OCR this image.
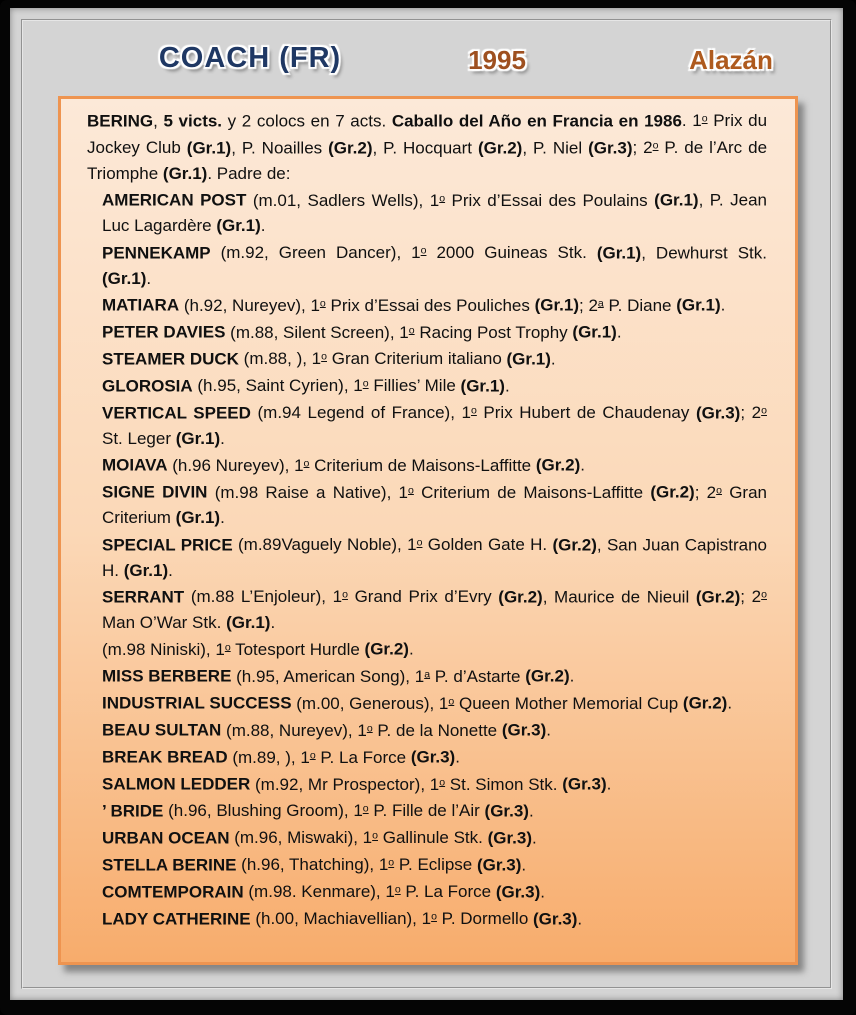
COACH (FR)	1995	Alazán
BERING, 5 victs. y 2 colocs en 7 acts. Caballo del Año en Francia en 1986. 1$^o$ Prix du Jockey Club (Gr.1), P. Noailles (Gr.2), P. Hocquart (Gr.2), P. Niel (Gr.3); 2$^o$ P. de l’Arc de Triomphe (Gr.1). Padre de:
AMERICAN POST (m.01, Sadlers Wells), 1$^o$ Prix d’Essai des Poulains (Gr.1), P. Jean Luc Lagardère (Gr.1).
PENNEKAMP (m.92, Green Dancer), 1$^o$ 2000 Guineas Stk. (Gr.1), Dewhurst Stk. (Gr.1).
MATIARA (h.92, Nureyev), 1$^o$ Prix d’Essai des Pouliches (Gr.1); 2$^a$ P. Diane (Gr.1).
PETER DAVIES (m.88, Silent Screen), 1$^o$ Racing Post Trophy (Gr.1).
STEAMER DUCK (m.88, ), 1$^o$ Gran Criterium italiano (Gr.1).
GLOROSIA (h.95, Saint Cyrien), 1$^o$ Fillies’ Mile (Gr.1).
VERTICAL SPEED (m.94 Legend of France), 1$^o$ Prix Hubert de Chaudenay (Gr.3); 2$^o$ St. Leger (Gr.1).
MOIAVA (h.96 Nureyev), 1$^o$ Criterium de Maisons-Laffitte (Gr.2).
SIGNE DIVIN (m.98 Raise a Native), 1$^o$ Criterium de Maisons-Laffitte (Gr.2); 2$^o$ Gran Criterium (Gr.1).
SPECIAL PRICE (m.89Vaguely Noble), 1$^o$ Golden Gate H. (Gr.2), San Juan Capistrano H. (Gr.1).
SERRANT (m.88 L’Enjoleur), 1$^o$ Grand Prix d’Evry (Gr.2), Maurice de Nieuil (Gr.2); 2$^o$ Man O’War Stk. (Gr.1).
(m.98 Niniski), 1$^o$ Totesport Hurdle (Gr.2).
MISS BERBERE (h.95, American Song), 1$^a$ P. d’Astarte (Gr.2).
INDUSTRIAL SUCCESS (m.00, Generous), 1$^o$ Queen Mother Memorial Cup (Gr.2).
BEAU SULTAN (m.88, Nureyev), 1$^o$ P. de la Nonette (Gr.3).
BREAK BREAD (m.89, ), 1$^o$ P. La Force (Gr.3).
SALMON LEDDER (m.92, Mr Prospector), 1$^o$ St. Simon Stk. (Gr.3).
’ BRIDE (h.96, Blushing Groom), 1$^o$ P. Fille de l’Air (Gr.3).
URBAN OCEAN (m.96, Miswaki), 1$^o$ Gallinule Stk. (Gr.3).
STELLA BERINE (h.96, Thatching), 1$^o$ P. Eclipse (Gr.3).
COMTEMPORAIN (m.98. Kenmare), 1$^o$ P. La Force (Gr.3).
LADY CATHERINE (h.00, Machiavellian), 1$^o$ P. Dormello (Gr.3).
